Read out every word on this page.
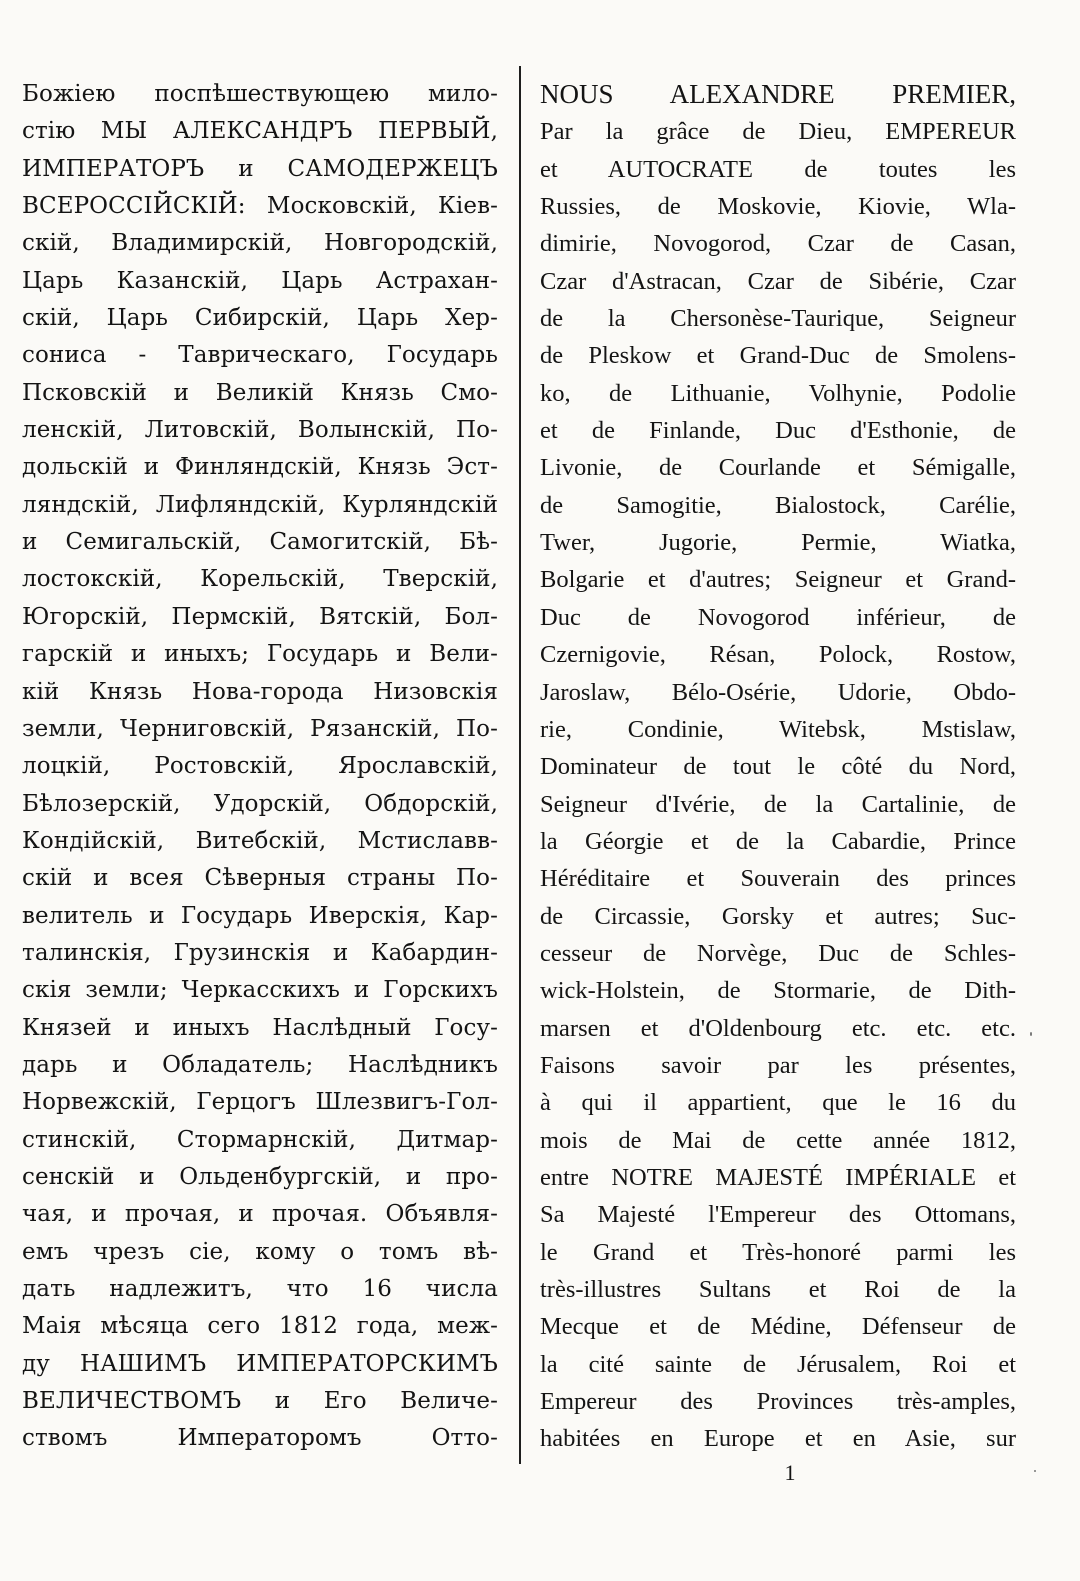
Божіею поспѣшествующею мило-
стію МЫ АЛЕКСАНДРЪ ПЕРВЫЙ,
ИМПЕРАТОРЪ и САМОДЕРЖЕЦЪ
ВСЕРОССІЙСКІЙ: Московскій, Кіев-
скій, Владимирскій, Новгородскій,
Царь Казанскій, Царь Астрахан-
скій, Царь Сибирскій, Царь Хер-
сониса - Таврическаго, Государь
Псковскій и Великій Князь Смо-
ленскій, Литовскій, Волынскій, По-
дольскій и Финляндскій, Князь Эст-
ляндскій, Лифляндскій, Курляндскій
и Семигальскій, Самогитскій, Бѣ-
лостокскій, Корельскій, Тверскій,
Югорскій, Пермскій, Вятскій, Бол-
гарскій и иныхъ; Государь и Вели-
кій Князь Нова-города Низовскія
земли, Черниговскій, Рязанскій, По-
лоцкій, Ростовскій, Ярославскій,
Бѣлозерскій, Удорскій, Обдорскій,
Кондійскій, Витебскій, Мстиславв-
скій и всея Сѣверныя страны По-
велитель и Государь Иверскія, Кар-
талинскія, Грузинскія и Кабардин-
скія земли; Черкасскихъ и Горскихъ
Князей и иныхъ Наслѣдный Госу-
дарь и Обладатель; Наслѣдникъ
Норвежскій, Герцогъ Шлезвигъ-Гол-
стинскій, Стормарнскій, Дитмар-
сенскій и Ольденбургскій, и про-
чая, и прочая, и прочая. Объявля-
емъ чрезъ сіе, кому о томъ вѣ-
дать надлежитъ, что 16 числа
Маія мѣсяца сего 1812 года, меж-
ду НАШИМЪ ИМПЕРАТОРСКИМЪ
ВЕЛИЧЕСТВОМЪ и Его Величе-
ствомъ Императоромъ Отто-
NOUS ALEXANDRE PREMIER,
Par la grâce de Dieu, EMPEREUR
et AUTOCRATE de toutes les
Russies, de Moskovie, Kiovie, Wla-
dimirie, Novogorod, Czar de Casan,
Czar d'Astracan, Czar de Sibérie, Czar
de la Chersonèse-Taurique, Seigneur
de Pleskow et Grand-Duc de Smolens-
ko, de Lithuanie, Volhynie, Podolie
et de Finlande, Duc d'Esthonie, de
Livonie, de Courlande et Sémigalle,
de Samogitie, Bialostock, Carélie,
Twer, Jugorie, Permie, Wiatka,
Bolgarie et d'autres; Seigneur et Grand-
Duc de Novogorod inférieur, de
Czernigovie, Résan, Polock, Rostow,
Jaroslaw, Bélo-Osérie, Udorie, Obdo-
rie, Condinie, Witebsk, Mstislaw,
Dominateur de tout le côté du Nord,
Seigneur d'Ivérie, de la Cartalinie, de
la Géorgie et de la Cabardie, Prince
Héréditaire et Souverain des princes
de Circassie, Gorsky et autres; Suc-
cesseur de Norvège, Duc de Schles-
wick-Holstein, de Stormarie, de Dith-
marsen et d'Oldenbourg etc. etc. etc.
Faisons savoir par les présentes,
à qui il appartient, que le 16 du
mois de Mai de cette année 1812,
entre NOTRE MAJESTÉ IMPÉRIALE et
Sa Majesté l'Empereur des Ottomans,
le Grand et Très-honoré parmi les
très-illustres Sultans et Roi de la
Mecque et de Médine, Défenseur de
la cité sainte de Jérusalem, Roi et
Empereur des Provinces très-amples,
habitées en Europe et en Asie, sur
1
